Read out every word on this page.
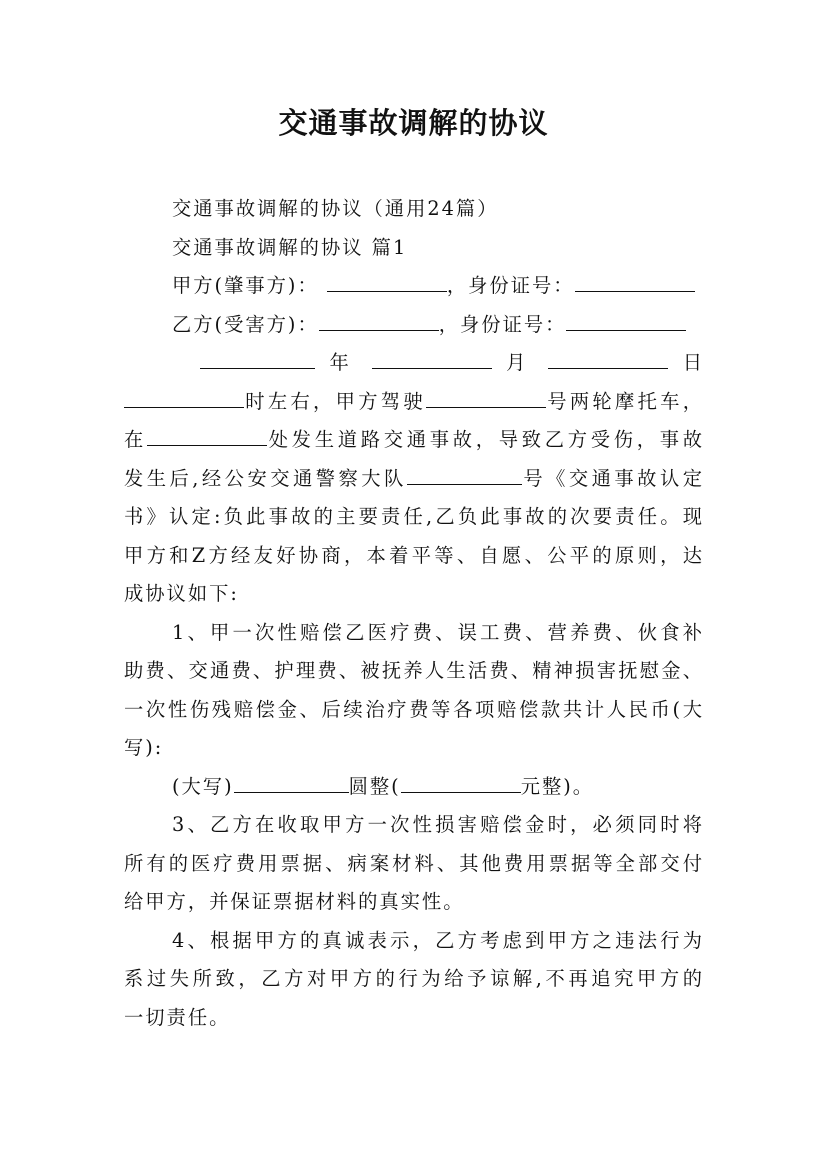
交通事故调解的协议
交通事故调解的协议（通用24篇）
交通事故调解的协议 篇1
甲方(肇事方)：	，身份证号：
乙方(受害方)：	，身份证号：
年	月	日
时左右，甲方驾驶	号两轮摩托车，
在	处发生道路交通事故，导致乙方受伤，事故
发生后,经公安交通警察大队	号《交通事故认定
书》认定:负此事故的主要责任,乙负此事故的次要责任。现
甲方和Z方经友好协商，本着平等、自愿、公平的原则，达
成协议如下:
1、甲一次性赔偿乙医疗费、误工费、营养费、伙食补
助费、交通费、护理费、被抚养人生活费、精神损害抚慰金、
一次性伤残赔偿金、后续治疗费等各项赔偿款共计人民币(大
写):
(大写)	圆整(	元整)。
3、乙方在收取甲方一次性损害赔偿金时，必须同时将
所有的医疗费用票据、病案材料、其他费用票据等全部交付
给甲方，并保证票据材料的真实性。
4、根据甲方的真诚表示，乙方考虑到甲方之违法行为
系过失所致，乙方对甲方的行为给予谅解,不再追究甲方的
一切责任。
